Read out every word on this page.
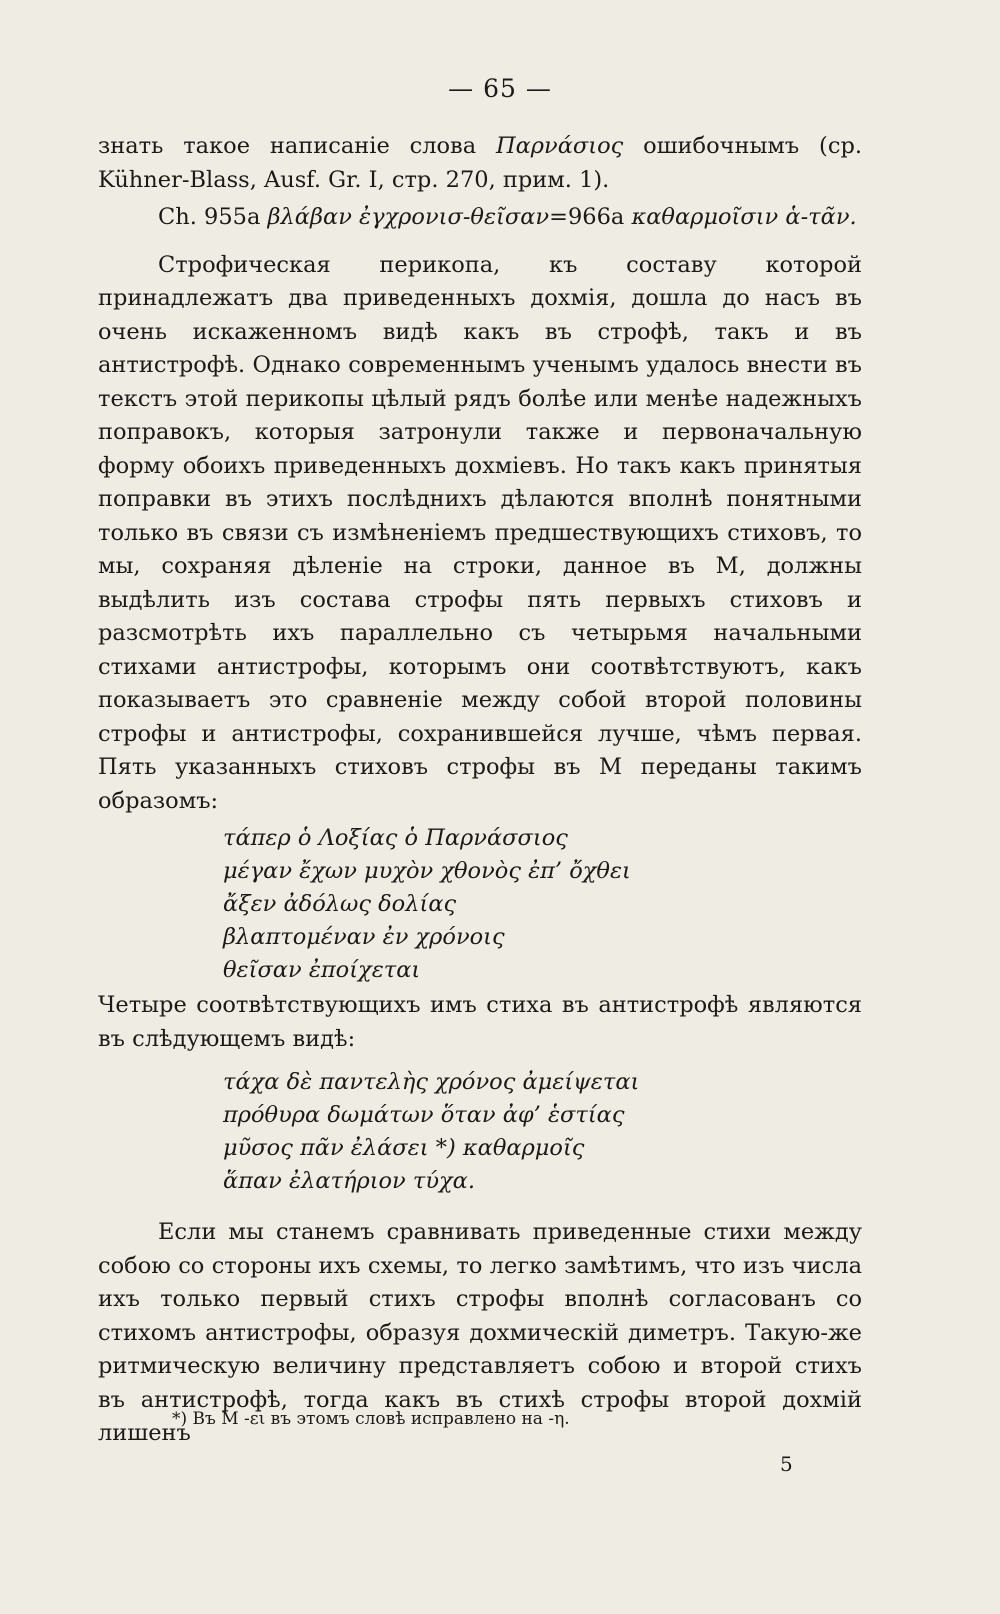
— 65 —

знать такое написаніе слова Παρνάσιος ошибочнымъ (ср. Kühner-Blass, Ausf. Gr. I, стр. 270, прим. 1).

Ch. 955a βλάβαν ἐγχρονισ-θεῖσαν=966a καθαρμοῖσιν ἁ-τᾶν.

Строфическая перикопа, къ составу которой принадлежатъ два приведенныхъ дохмія, дошла до насъ въ очень искаженномъ видѣ какъ въ строфѣ, такъ и въ антистрофѣ. Однако современнымъ ученымъ удалось внести въ текстъ этой перикопы цѣлый рядъ болѣе или менѣе надежныхъ поправокъ, которыя затронули также и первоначальную форму обоихъ приведенныхъ дохміевъ. Но такъ какъ принятыя поправки въ этихъ послѣднихъ дѣлаются вполнѣ понятными только въ связи съ измѣненіемъ предшествующихъ стиховъ, то мы, сохраняя дѣленіе на строки, данное въ М, должны выдѣлить изъ состава строфы пять первыхъ стиховъ и разсмотрѣть ихъ параллельно съ четырьмя начальными стихами антистрофы, которымъ они соотвѣтствуютъ, какъ показываетъ это сравненіе между собой второй половины строфы и антистрофы, сохранившейся лучше, чѣмъ первая. Пять указанныхъ стиховъ строфы въ М переданы такимъ образомъ:

τάπερ ὁ Λοξίας ὁ Παρνάσσιος
μέγαν ἔχων μυχὸν χθονὸς ἐπ’ ὄχθει
ἄξεν ἀδόλως δολίας
βλαπτομέναν ἐν χρόνοις
θεῖσαν ἐποίχεται

Четыре соотвѣтствующихъ имъ стиха въ антистрофѣ являются въ слѣдующемъ видѣ:

τάχα δὲ παντελὴς χρόνος ἀμείψεται
πρόθυρα δωμάτων ὅταν ἀφ’ ἑστίας
μῦσος πᾶν ἐλάσει *) καθαρμοῖς
ἅπαν ἐλατήριον τύχα.

Если мы станемъ сравнивать приведенные стихи между собою со стороны ихъ схемы, то легко замѣтимъ, что изъ числа ихъ только первый стихъ строфы вполнѣ согласованъ со стихомъ антистрофы, образуя дохмическій диметръ. Такую-же ритмическую величину представляетъ собою и второй стихъ въ антистрофѣ, тогда какъ въ стихѣ строфы второй дохмій лишенъ

*) Въ М -ει въ этомъ словѣ исправлено на -η.
5
